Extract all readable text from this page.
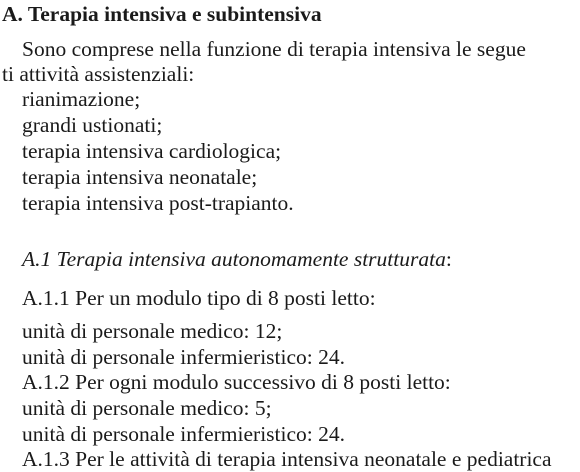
A. Terapia intensiva e subintensiva
Sono comprese nella funzione di terapia intensiva le segue
ti attività assistenziali:
rianimazione;
grandi ustionati;
terapia intensiva cardiologica;
terapia intensiva neonatale;
terapia intensiva post-trapianto.
A.1 Terapia intensiva autonomamente strutturata:
A.1.1 Per un modulo tipo di 8 posti letto:
unità di personale medico: 12;
unità di personale infermieristico: 24.
A.1.2 Per ogni modulo successivo di 8 posti letto:
unità di personale medico: 5;
unità di personale infermieristico: 24.
A.1.3 Per le attività di terapia intensiva neonatale e pediatrica
